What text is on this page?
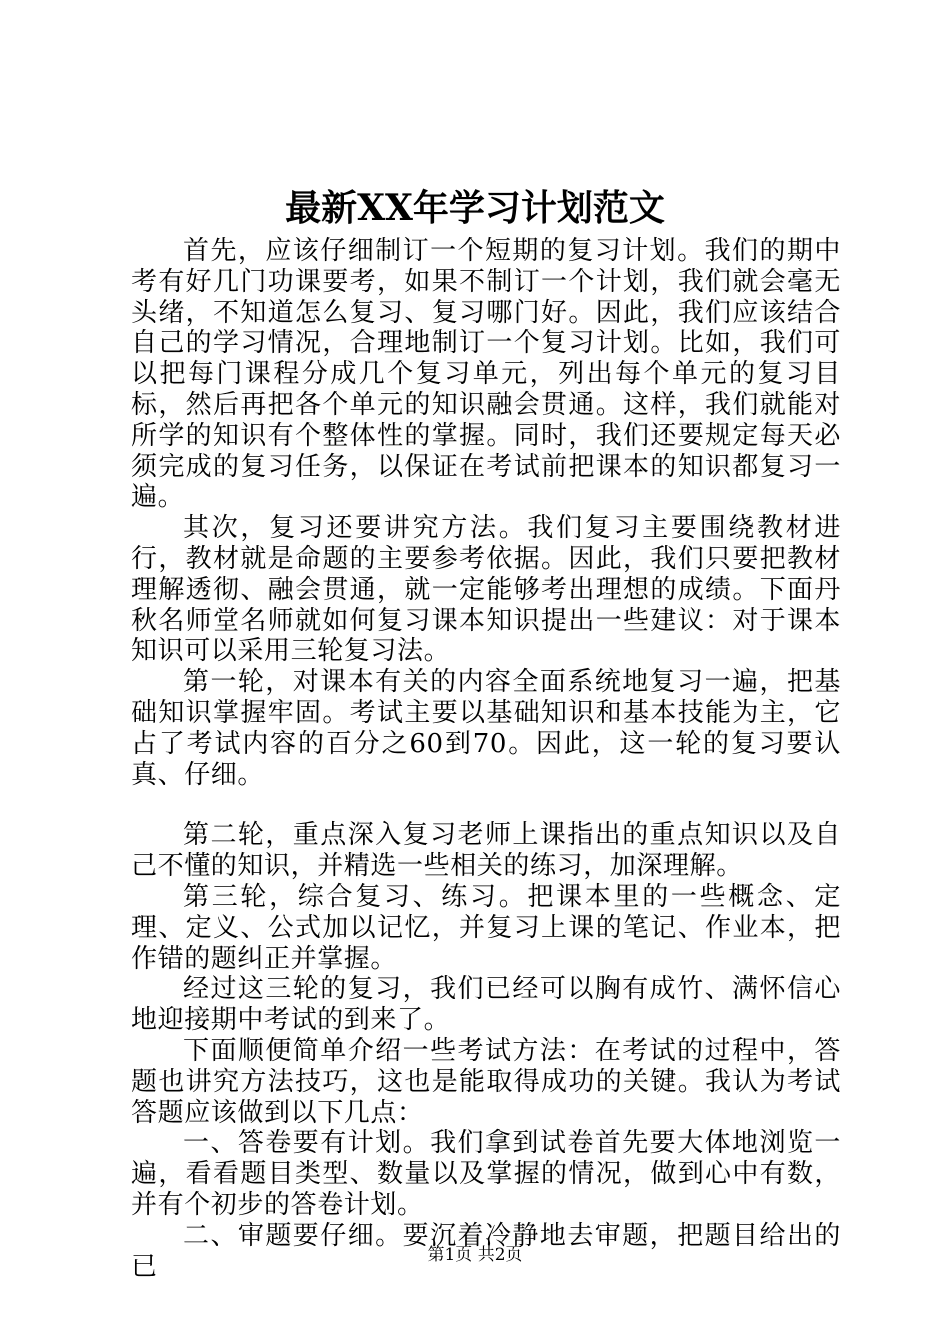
最新XX年学习计划范文

首先，应该仔细制订一个短期的复习计划。我们的期中考有好几门功课要考，如果不制订一个计划，我们就会毫无头绪，不知道怎么复习、复习哪门好。因此，我们应该结合自己的学习情况，合理地制订一个复习计划。比如，我们可以把每门课程分成几个复习单元，列出每个单元的复习目标，然后再把各个单元的知识融会贯通。这样，我们就能对所学的知识有个整体性的掌握。同时，我们还要规定每天必须完成的复习任务，以保证在考试前把课本的知识都复习一遍。

其次，复习还要讲究方法。我们复习主要围绕教材进行，教材就是命题的主要参考依据。因此，我们只要把教材理解透彻、融会贯通，就一定能够考出理想的成绩。下面丹秋名师堂名师就如何复习课本知识提出一些建议：对于课本知识可以采用三轮复习法。

第一轮，对课本有关的内容全面系统地复习一遍，把基础知识掌握牢固。考试主要以基础知识和基本技能为主，它占了考试内容的百分之60到70。因此，这一轮的复习要认真、仔细。

第二轮，重点深入复习老师上课指出的重点知识以及自己不懂的知识，并精选一些相关的练习，加深理解。

第三轮，综合复习、练习。把课本里的一些概念、定理、定义、公式加以记忆，并复习上课的笔记、作业本，把作错的题纠正并掌握。

经过这三轮的复习，我们已经可以胸有成竹、满怀信心地迎接期中考试的到来了。

下面顺便简单介绍一些考试方法：在考试的过程中，答题也讲究方法技巧，这也是能取得成功的关键。我认为考试答题应该做到以下几点：

一、答卷要有计划。我们拿到试卷首先要大体地浏览一遍，看看题目类型、数量以及掌握的情况，做到心中有数，并有个初步的答卷计划。

二、审题要仔细。要沉着冷静地去审题，把题目给出的已	第1页 共2页
